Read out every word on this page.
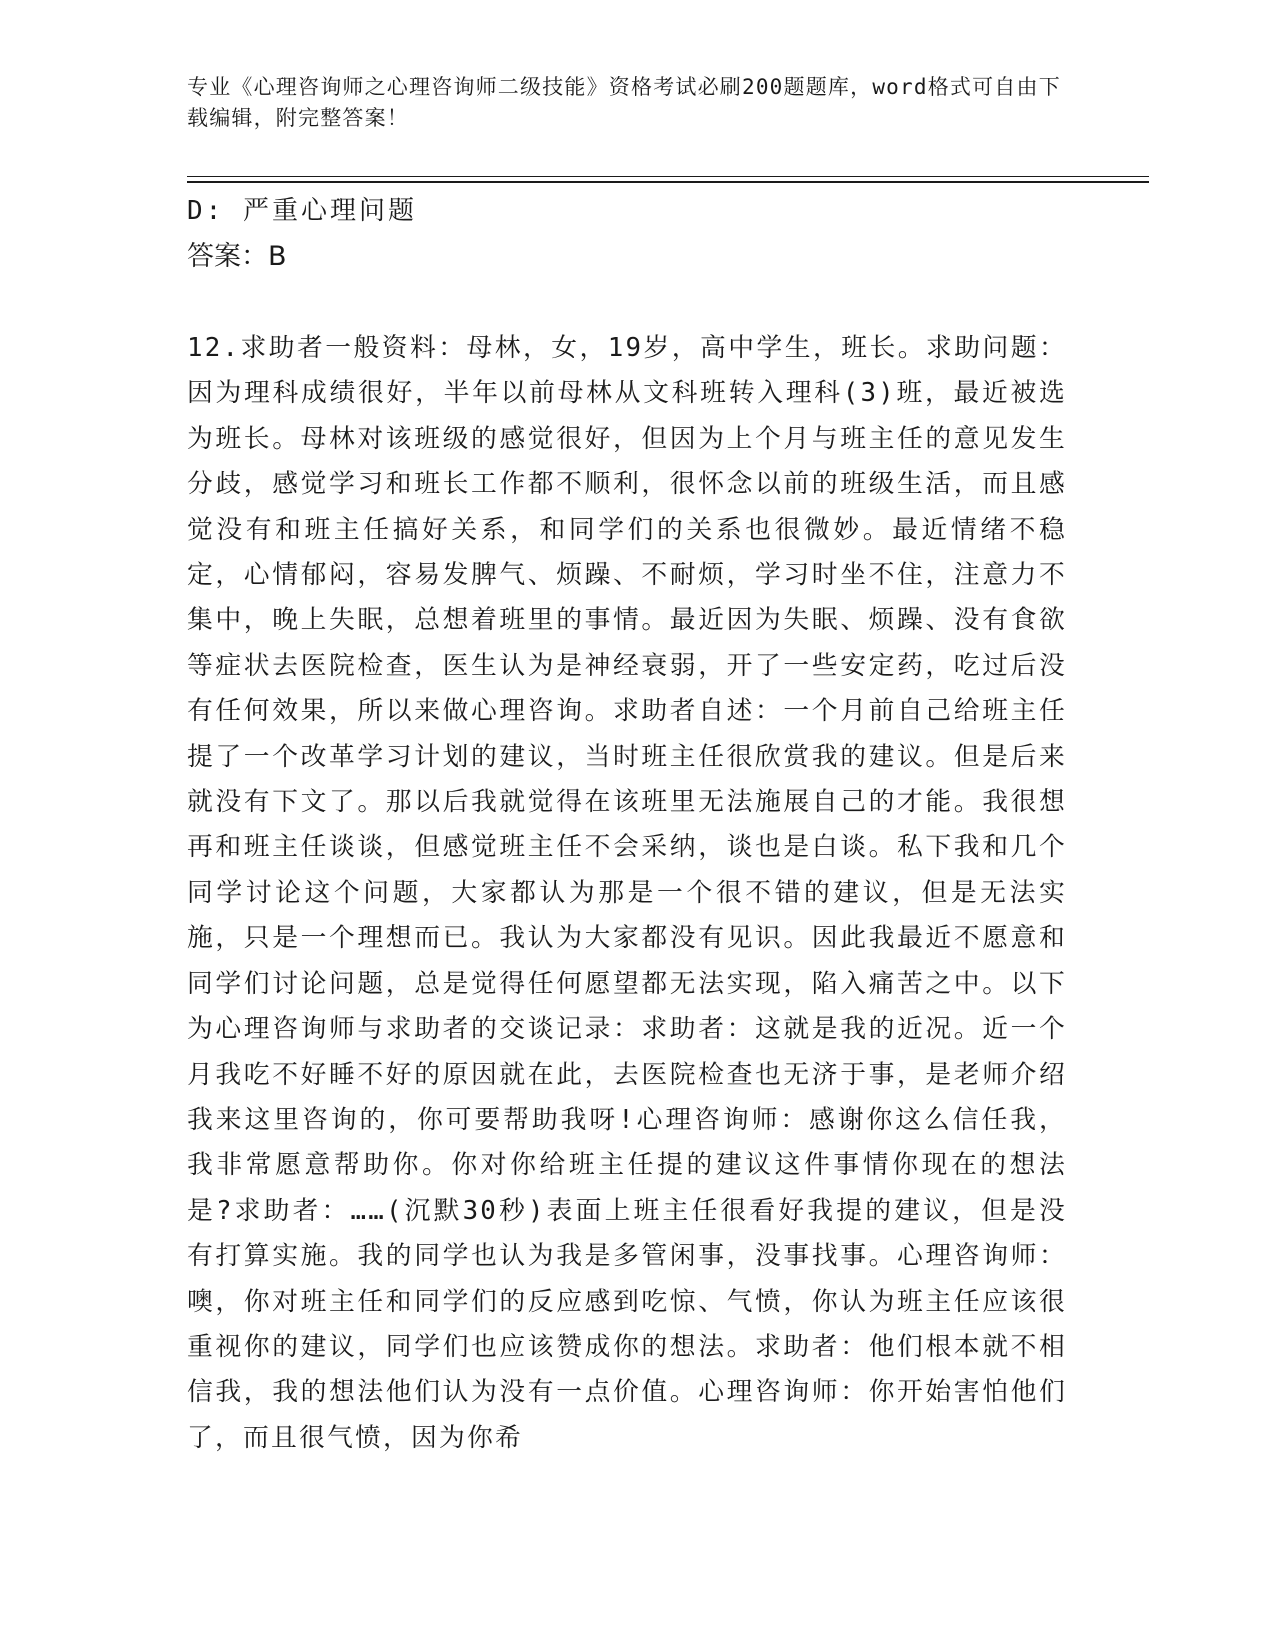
专业《心理咨询师之心理咨询师二级技能》资格考试必刷200题题库，word格式可自由下载编辑，附完整答案！

D: 严重心理问题

答案：B

12.求助者一般资料：母林，女，19岁，高中学生，班长。求助问题：因为理科成绩很好，半年以前母林从文科班转入理科(3)班，最近被选为班长。母林对该班级的感觉很好，但因为上个月与班主任的意见发生分歧，感觉学习和班长工作都不顺利，很怀念以前的班级生活，而且感觉没有和班主任搞好关系，和同学们的关系也很微妙。最近情绪不稳定，心情郁闷，容易发脾气、烦躁、不耐烦，学习时坐不住，注意力不集中，晚上失眠，总想着班里的事情。最近因为失眠、烦躁、没有食欲等症状去医院检查，医生认为是神经衰弱，开了一些安定药，吃过后没有任何效果，所以来做心理咨询。求助者自述：一个月前自己给班主任提了一个改革学习计划的建议，当时班主任很欣赏我的建议。但是后来就没有下文了。那以后我就觉得在该班里无法施展自己的才能。我很想再和班主任谈谈，但感觉班主任不会采纳，谈也是白谈。私下我和几个同学讨论这个问题，大家都认为那是一个很不错的建议，但是无法实施，只是一个理想而已。我认为大家都没有见识。因此我最近不愿意和同学们讨论问题，总是觉得任何愿望都无法实现，陷入痛苦之中。以下为心理咨询师与求助者的交谈记录：求助者：这就是我的近况。近一个月我吃不好睡不好的原因就在此，去医院检查也无济于事，是老师介绍我来这里咨询的，你可要帮助我呀!心理咨询师：感谢你这么信任我，我非常愿意帮助你。你对你给班主任提的建议这件事情你现在的想法是?求助者：……(沉默30秒)表面上班主任很看好我提的建议，但是没有打算实施。我的同学也认为我是多管闲事，没事找事。心理咨询师：噢，你对班主任和同学们的反应感到吃惊、气愤，你认为班主任应该很重视你的建议，同学们也应该赞成你的想法。求助者：他们根本就不相信我，我的想法他们认为没有一点价值。心理咨询师：你开始害怕他们了，而且很气愤，因为你希
